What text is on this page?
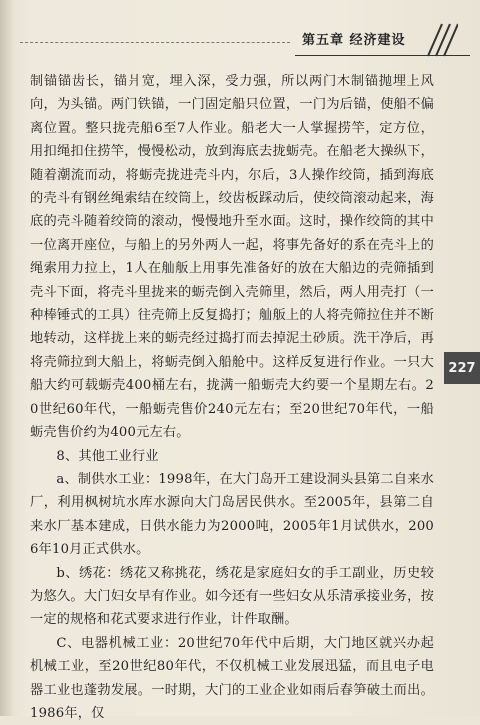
第五章 经济建设
227

制锚锚齿长，锚爿宽，埋入深，受力强，所以两门木制锚抛埋上风向，为头锚。两门铁锚，一门固定船只位置，一门为后锚，使船不偏离位置。整只拢壳船6至7人作业。船老大一人掌握捞竿，定方位，用扣绳扣住捞竿，慢慢松动，放到海底去拢蛎壳。在船老大操纵下，随着潮流而动，将蛎壳拢进壳斗内，尔后，3人操作绞筒，插到海底的壳斗有钢丝绳索结在绞筒上，绞齿板踩动后，使绞筒滚动起来，海底的壳斗随着绞筒的滚动，慢慢地升至水面。这时，操作绞筒的其中一位离开座位，与船上的另外两人一起，将事先备好的系在壳斗上的绳索用力拉上，1人在舢舨上用事先准备好的放在大船边的壳筛插到壳斗下面，将壳斗里拢来的蛎壳倒入壳筛里，然后，两人用壳打（一种棒锤式的工具）往壳筛上反复捣打；舢舨上的人将壳筛拉住并不断地转动，这样拢上来的蛎壳经过捣打而去掉泥土砂质。洗干净后，再将壳筛拉到大船上，将蛎壳倒入船舱中。这样反复进行作业。一只大船大约可载蛎壳400桶左右，拢满一船蛎壳大约要一个星期左右。20世纪60年代，一船蛎壳售价240元左右；至20世纪70年代，一船蛎壳售价约为400元左右。

8、其他工业行业

a、制供水工业：1998年，在大门岛开工建设洞头县第二自来水厂，利用枫树坑水库水源向大门岛居民供水。至2005年，县第二自来水厂基本建成，日供水能力为2000吨，2005年1月试供水，2006年10月正式供水。

b、绣花：绣花又称挑花，绣花是家庭妇女的手工副业，历史较为悠久。大门妇女早有作业。如今还有一些妇女从乐清承接业务，按一定的规格和花式要求进行作业，计件取酬。

C、电器机械工业：20世纪70年代中后期，大门地区就兴办起机械工业，至20世纪80年代，不仅机械工业发展迅猛，而且电子电器工业也蓬勃发展。一时期，大门的工业企业如雨后春笋破土而出。1986年，仅
